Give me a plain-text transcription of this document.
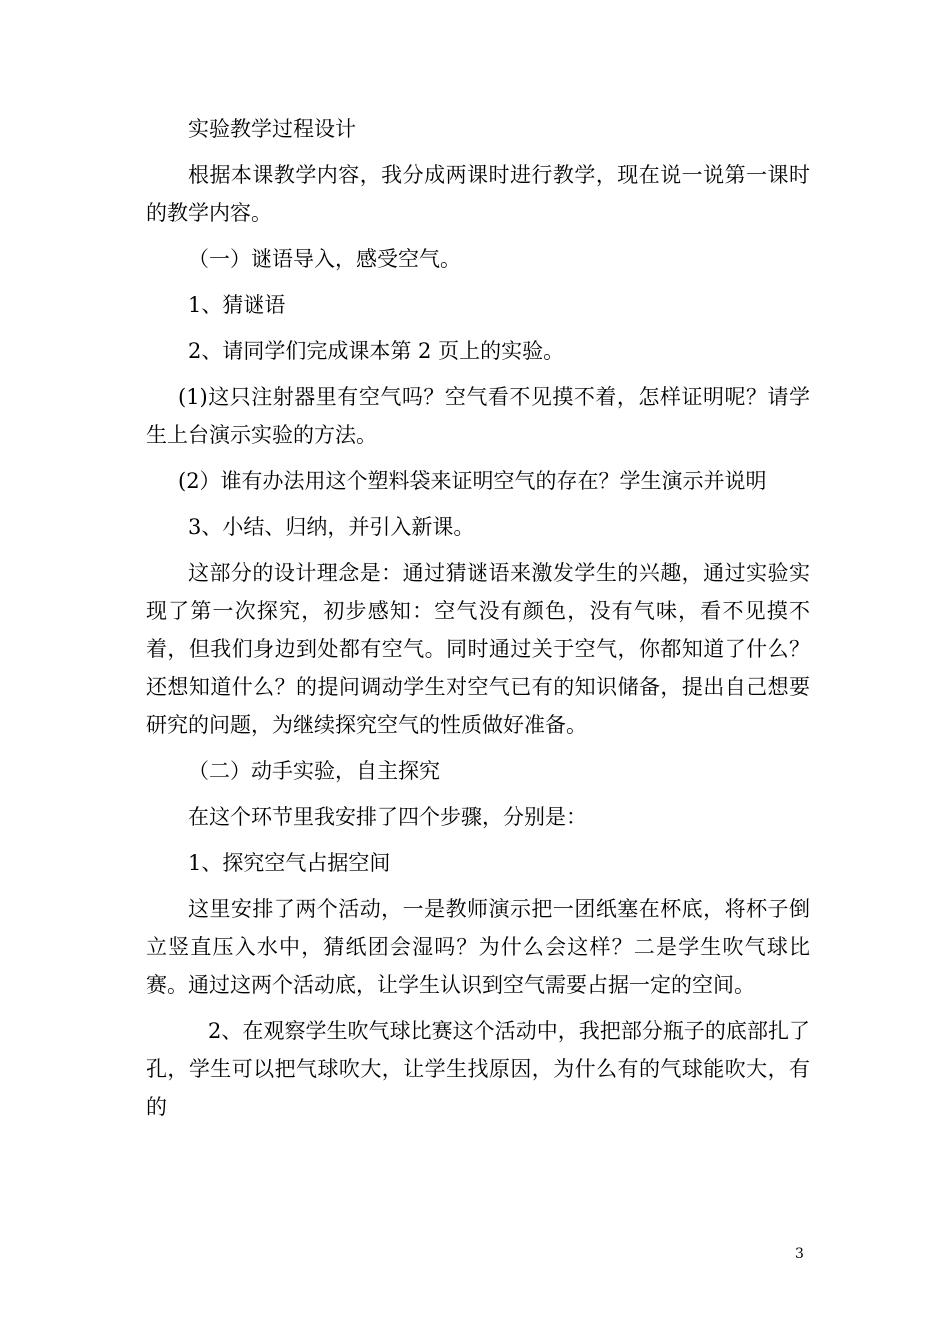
实验教学过程设计

根据本课教学内容，我分成两课时进行教学，现在说一说第一课时的教学内容。

（一）谜语导入，感受空气。

1、猜谜语

2、请同学们完成课本第 2 页上的实验。

(1)这只注射器里有空气吗？空气看不见摸不着，怎样证明呢？请学生上台演示实验的方法。

(2）谁有办法用这个塑料袋来证明空气的存在？学生演示并说明

3、小结、归纳，并引入新课。

这部分的设计理念是：通过猜谜语来激发学生的兴趣，通过实验实现了第一次探究，初步感知：空气没有颜色，没有气味，看不见摸不着，但我们身边到处都有空气。同时通过关于空气，你都知道了什么？还想知道什么？的提问调动学生对空气已有的知识储备，提出自己想要研究的问题，为继续探究空气的性质做好准备。

（二）动手实验，自主探究

在这个环节里我安排了四个步骤，分别是：

1、探究空气占据空间

这里安排了两个活动，一是教师演示把一团纸塞在杯底，将杯子倒立竖直压入水中，猜纸团会湿吗？为什么会这样？二是学生吹气球比赛。通过这两个活动底，让学生认识到空气需要占据一定的空间。

2、在观察学生吹气球比赛这个活动中，我把部分瓶子的底部扎了孔，学生可以把气球吹大，让学生找原因，为什么有的气球能吹大，有的

3
